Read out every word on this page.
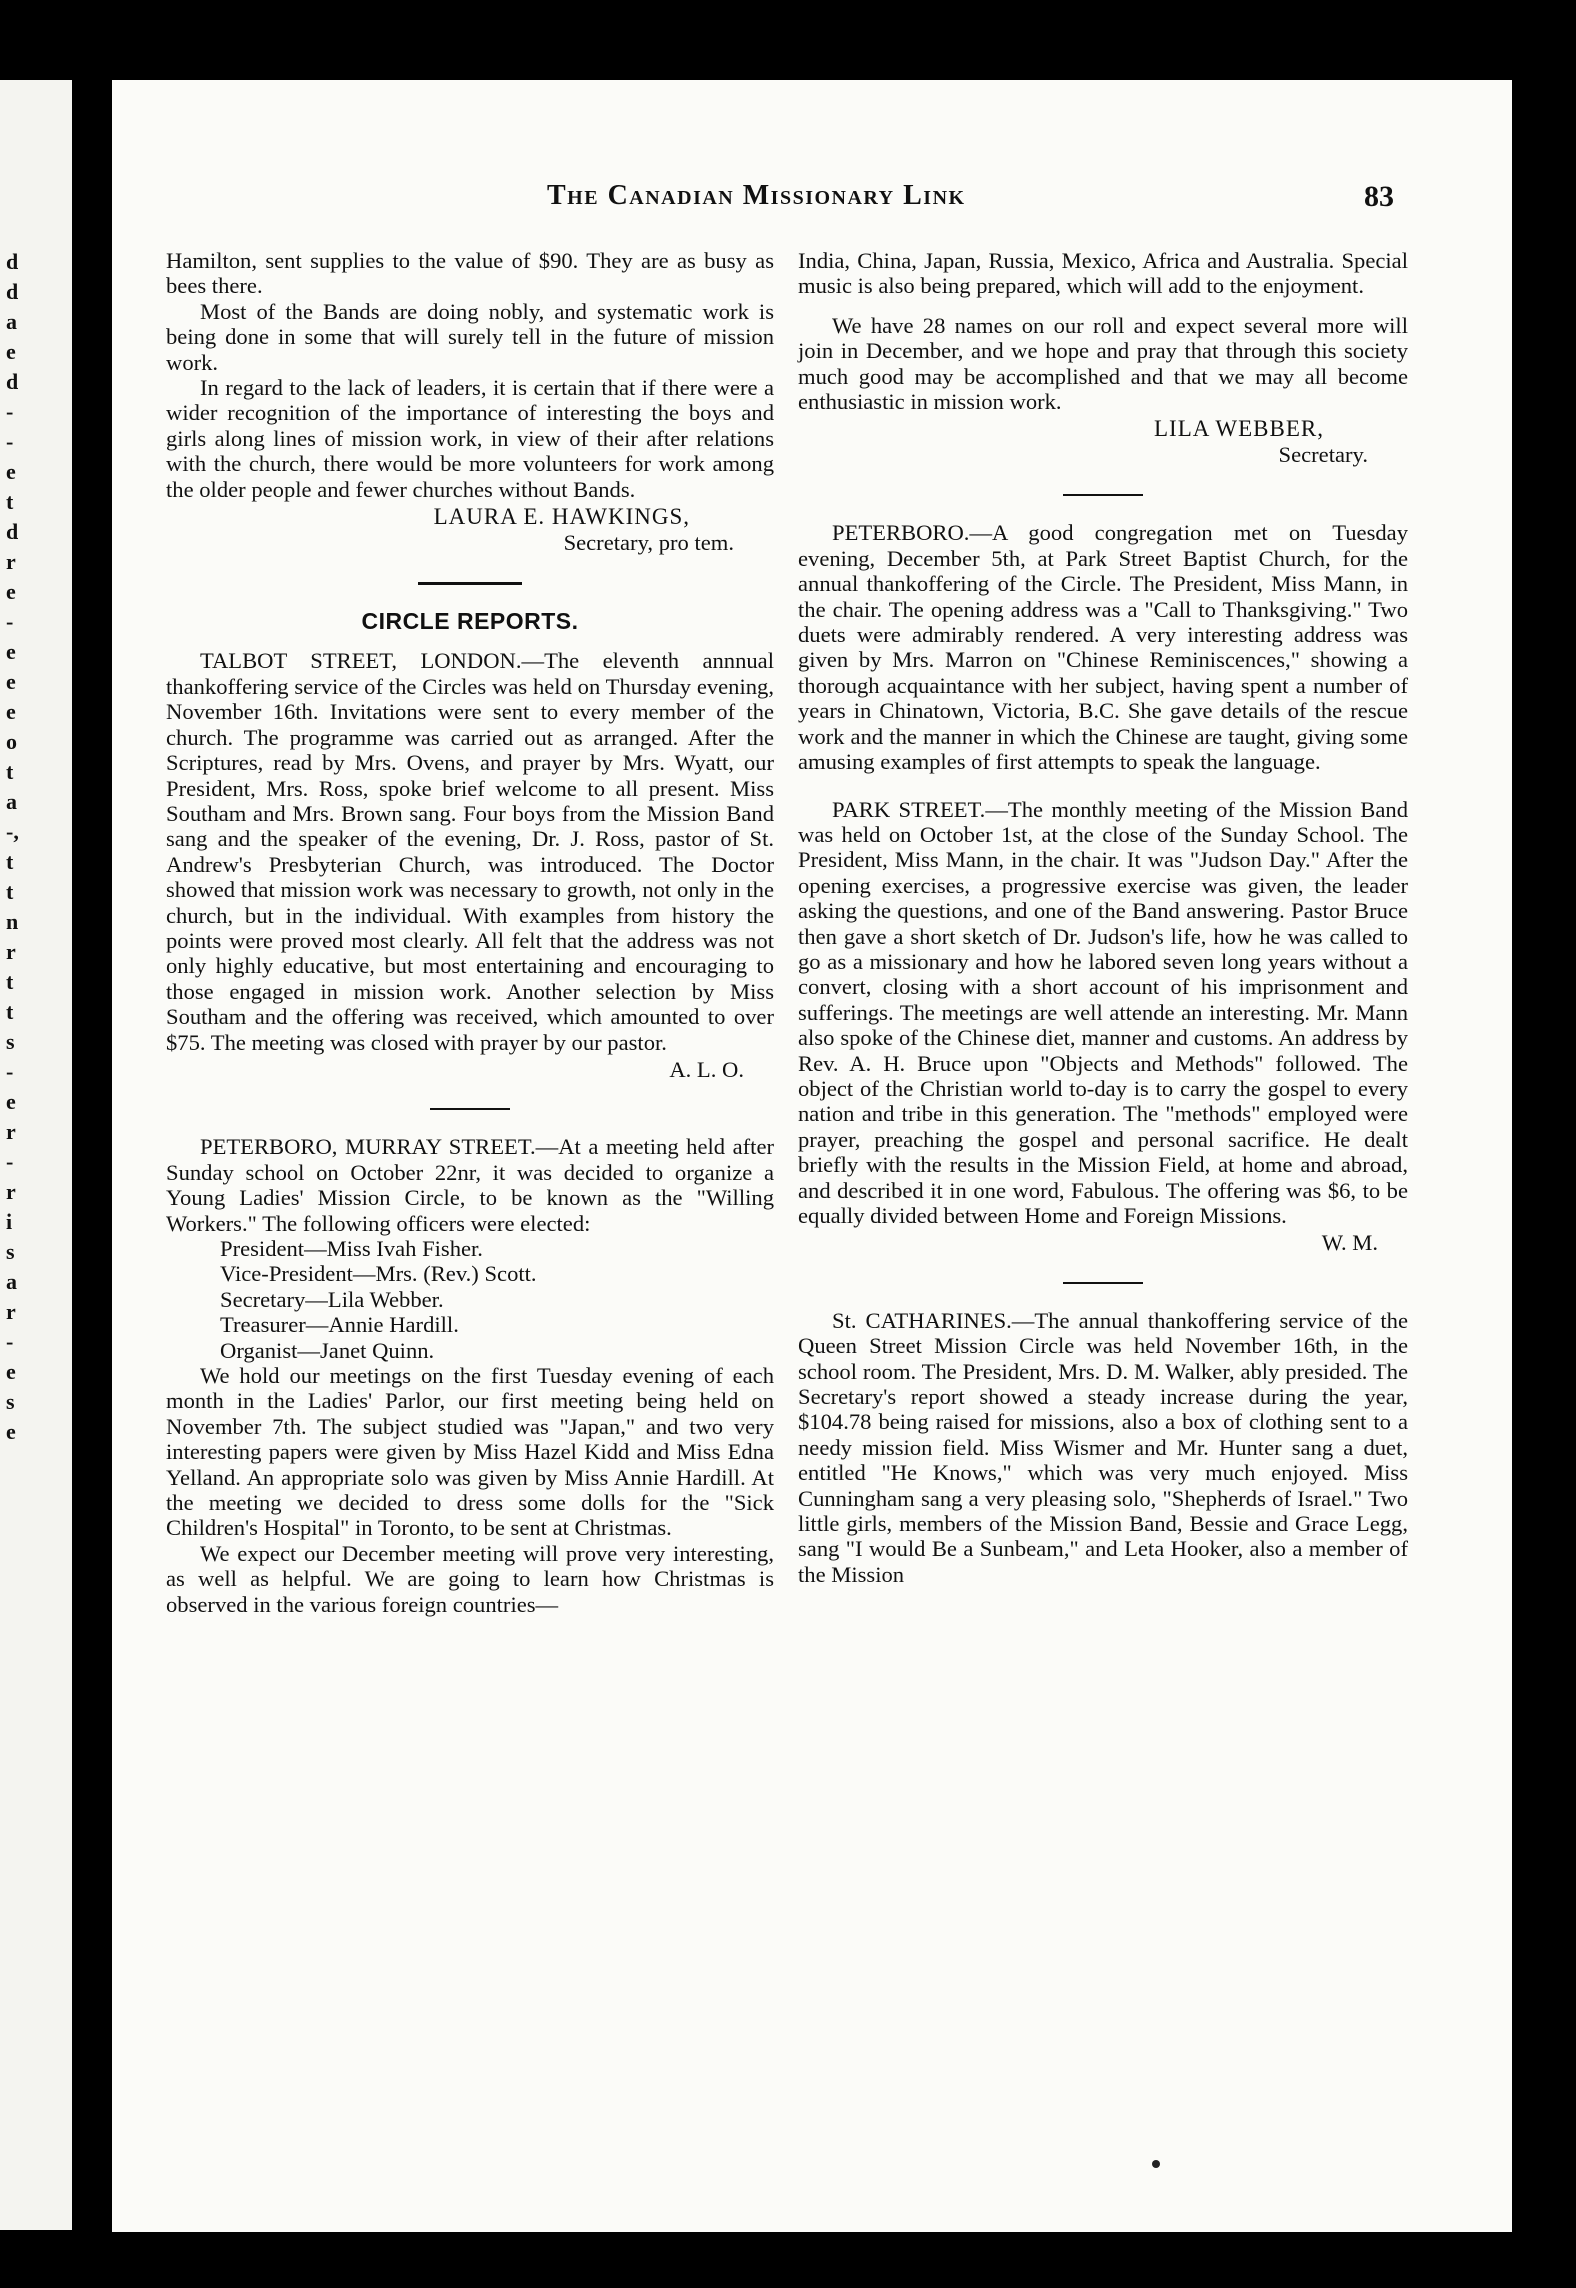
d
d
a
e
d
-
-
e
t
d
r
e
-
e
e
e
o
t
a
-,
t
t
n
r
t
t
s
-
e
r
-
r
i
s
a
r
-
e
s
e
The Canadian Missionary Link	83

Hamilton, sent supplies to the value of $90. They are as busy as bees there.

Most of the Bands are doing nobly, and systematic work is being done in some that will surely tell in the future of mission work.

In regard to the lack of leaders, it is certain that if there were a wider recognition of the importance of interesting the boys and girls along lines of mission work, in view of their after relations with the church, there would be more volunteers for work among the older people and fewer churches without Bands.

LAURA E. HAWKINGS,
Secretary, pro tem.
CIRCLE REPORTS.

TALBOT STREET, LONDON.—The eleventh annnual thankoffering service of the Circles was held on Thursday evening, November 16th. Invitations were sent to every member of the church. The programme was carried out as arranged. After the Scriptures, read by Mrs. Ovens, and prayer by Mrs. Wyatt, our President, Mrs. Ross, spoke brief welcome to all present. Miss Southam and Mrs. Brown sang. Four boys from the Mission Band sang and the speaker of the evening, Dr. J. Ross, pastor of St. Andrew's Presbyterian Church, was introduced. The Doctor showed that mission work was necessary to growth, not only in the church, but in the individual. With examples from history the points were proved most clearly. All felt that the address was not only highly educative, but most entertaining and encouraging to those engaged in mission work. Another selection by Miss Southam and the offering was received, which amounted to over $75. The meeting was closed with prayer by our pastor.

A. L. O.

PETERBORO, MURRAY STREET.—At a meeting held after Sunday school on October 22nr, it was decided to organize a Young Ladies' Mission Circle, to be known as the "Willing Workers." The following officers were elected:

President—Miss Ivah Fisher.
Vice-President—Mrs. (Rev.) Scott.
Secretary—Lila Webber.
Treasurer—Annie Hardill.
Organist—Janet Quinn.

We hold our meetings on the first Tuesday evening of each month in the Ladies' Parlor, our first meeting being held on November 7th. The subject studied was "Japan," and two very interesting papers were given by Miss Hazel Kidd and Miss Edna Yelland. An appropriate solo was given by Miss Annie Hardill. At the meeting we decided to dress some dolls for the "Sick Children's Hospital" in Toronto, to be sent at Christmas.

We expect our December meeting will prove very interesting, as well as helpful. We are going to learn how Christmas is observed in the various foreign countries—

India, China, Japan, Russia, Mexico, Africa and Australia. Special music is also being prepared, which will add to the enjoyment.

We have 28 names on our roll and expect several more will join in December, and we hope and pray that through this society much good may be accomplished and that we may all become enthusiastic in mission work.

LILA WEBBER,
Secretary.

PETERBORO.—A good congregation met on Tuesday evening, December 5th, at Park Street Baptist Church, for the annual thankoffering of the Circle. The President, Miss Mann, in the chair. The opening address was a "Call to Thanksgiving." Two duets were admirably rendered. A very interesting address was given by Mrs. Marron on "Chinese Reminiscences," showing a thorough acquaintance with her subject, having spent a number of years in Chinatown, Victoria, B.C. She gave details of the rescue work and the manner in which the Chinese are taught, giving some amusing examples of first attempts to speak the language.

PARK STREET.—The monthly meeting of the Mission Band was held on October 1st, at the close of the Sunday School. The President, Miss Mann, in the chair. It was "Judson Day." After the opening exercises, a progressive exercise was given, the leader asking the questions, and one of the Band answering. Pastor Bruce then gave a short sketch of Dr. Judson's life, how he was called to go as a missionary and how he labored seven long years without a convert, closing with a short account of his imprisonment and sufferings. The meetings are well attende an interesting. Mr. Mann also spoke of the Chinese diet, manner and customs. An address by Rev. A. H. Bruce upon "Objects and Methods" followed. The object of the Christian world to-day is to carry the gospel to every nation and tribe in this generation. The "methods" employed were prayer, preaching the gospel and personal sacrifice. He dealt briefly with the results in the Mission Field, at home and abroad, and described it in one word, Fabulous. The offering was $6, to be equally divided between Home and Foreign Missions.

W. M.

St. CATHARINES.—The annual thankoffering service of the Queen Street Mission Circle was held November 16th, in the school room. The President, Mrs. D. M. Walker, ably presided. The Secretary's report showed a steady increase during the year, $104.78 being raised for missions, also a box of clothing sent to a needy mission field. Miss Wismer and Mr. Hunter sang a duet, entitled "He Knows," which was very much enjoyed. Miss Cunningham sang a very pleasing solo, "Shepherds of Israel." Two little girls, members of the Mission Band, Bessie and Grace Legg, sang "I would Be a Sunbeam," and Leta Hooker, also a member of the Mission
